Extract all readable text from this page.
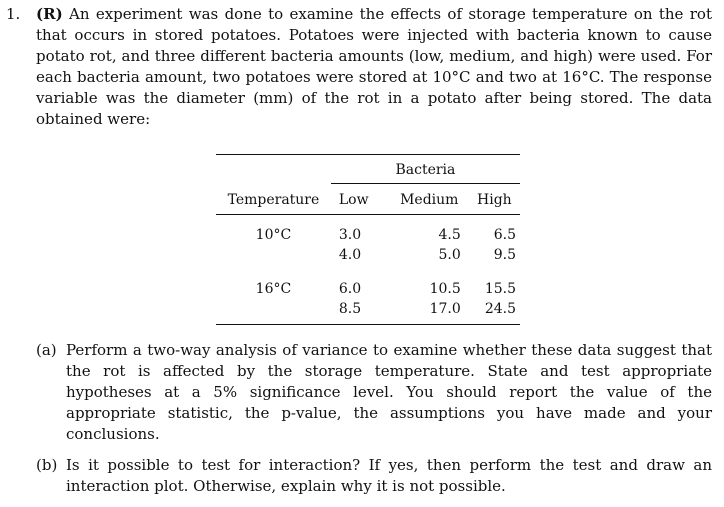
1.	(R) An experiment was done to examine the effects of storage temperature on the rot that occurs in stored potatoes. Potatoes were injected with bacteria known to cause potato rot, and three different bacteria amounts (low, medium, and high) were used. For each bacteria amount, two potatoes were stored at 10°C and two at 16°C. The response variable was the diameter (mm) of the rot in a potato after being stored. The data obtained were:
	Bacteria		
Temperature	Low	Medium	High

10°C	3.0	4.5	6.5
	4.0	5.0	9.5

16°C	6.0	10.5	15.5
	8.5	17.0	24.5
(a) Perform a two-way analysis of variance to examine whether these data suggest that the rot is affected by the storage temperature. State and test appropriate hypotheses at a 5% significance level. You should report the value of the appropriate statistic, the p-value, the assumptions you have made and your conclusions.
(b) Is it possible to test for interaction? If yes, then perform the test and draw an interaction plot. Otherwise, explain why it is not possible.
